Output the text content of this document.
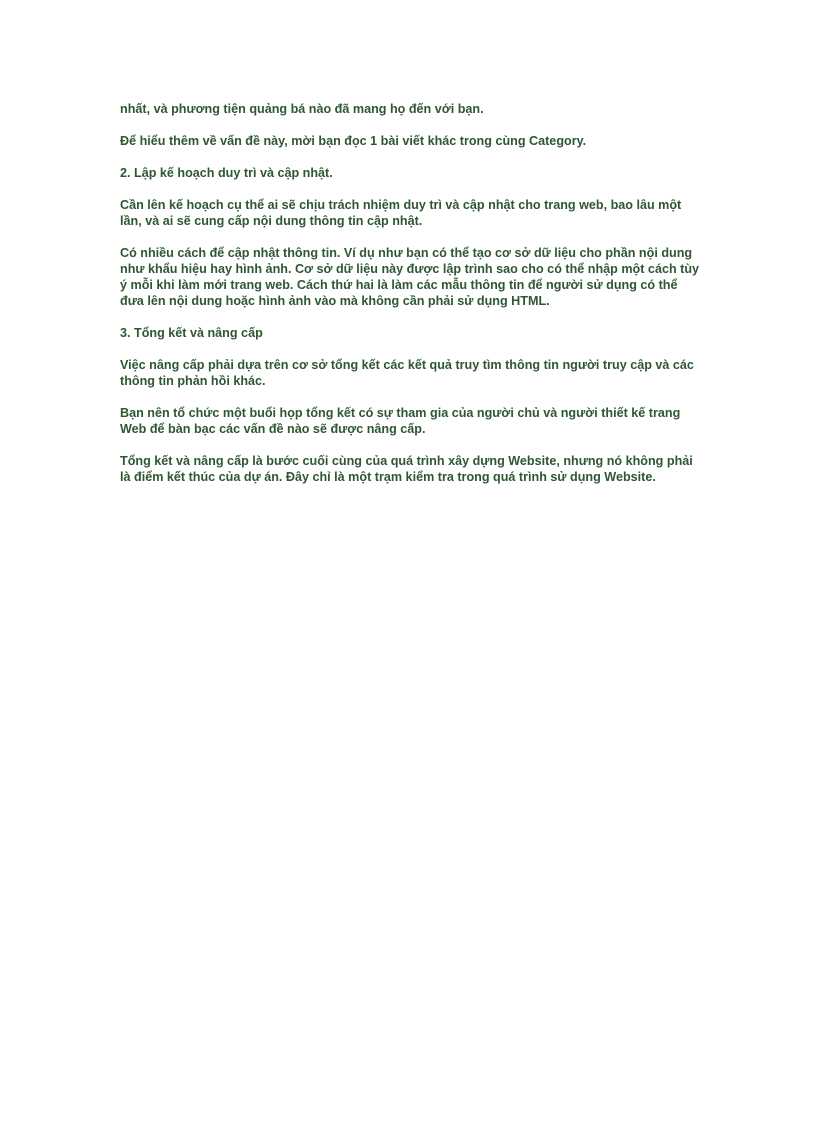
nhất, và phương tiện quảng bá nào đã mang họ đến với bạn.

Để hiểu thêm về vấn đề này, mời bạn đọc 1 bài viết khác trong cùng Category.

2. Lập kế hoạch duy trì và cập nhật.

Cần lên kế hoạch cụ thể ai sẽ chịu trách nhiệm duy trì và cập nhật cho trang web, bao lâu một lần, và ai sẽ cung cấp nội dung thông tin cập nhật.

Có nhiều cách để cập nhật thông tin. Ví dụ như bạn có thể tạo cơ sở dữ liệu cho phần nội dung như khẩu hiệu hay hình ảnh. Cơ sở dữ liệu này được lập trình sao cho có thể nhập một cách tùy ý mỗi khi làm mới trang web. Cách thứ hai là làm các mẫu thông tin để người sử dụng có thể đưa lên nội dung hoặc hình ảnh vào mà không cần phải sử dụng HTML.

3. Tổng kết và nâng cấp

Việc nâng cấp phải dựa trên cơ sở tổng kết các kết quả truy tìm thông tin người truy cập và các thông tin phản hồi khác.

Bạn nên tổ chức một buổi họp tổng kết có sự tham gia của người chủ và người thiết kế trang Web để bàn bạc các vấn đề nào sẽ được nâng cấp.

Tổng kết và nâng cấp là bước cuối cùng của quá trình xây dựng Website, nhưng nó không phải là điểm kết thúc của dự án. Đây chỉ là một trạm kiểm tra trong quá trình sử dụng Website.
